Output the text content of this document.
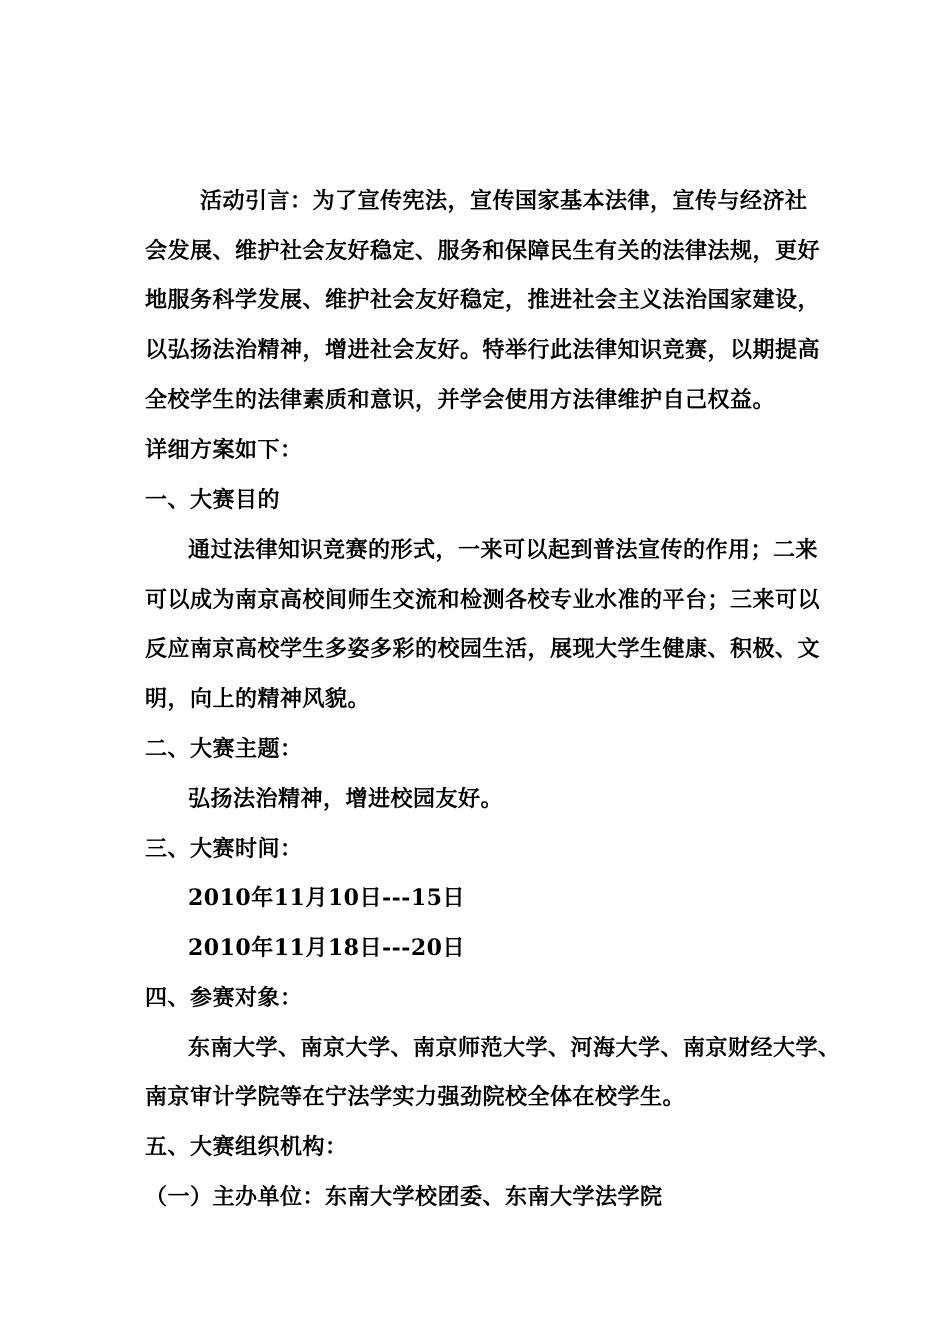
活动引言：为了宣传宪法，宣传国家基本法律，宣传与经济社
会发展、维护社会友好稳定、服务和保障民生有关的法律法规，更好
地服务科学发展、维护社会友好稳定，推进社会主义法治国家建设，
以弘扬法治精神，增进社会友好。特举行此法律知识竞赛，以期提高
全校学生的法律素质和意识，并学会使用方法律维护自己权益。
详细方案如下：
一、大赛目的
通过法律知识竞赛的形式，一来可以起到普法宣传的作用；二来
可以成为南京高校间师生交流和检测各校专业水准的平台；三来可以
反应南京高校学生多姿多彩的校园生活，展现大学生健康、积极、文
明，向上的精神风貌。
二、大赛主题：
弘扬法治精神，增进校园友好。
三、大赛时间：
2010年11月10日---15日
2010年11月18日---20日
四、参赛对象：
东南大学、南京大学、南京师范大学、河海大学、南京财经大学、
南京审计学院等在宁法学实力强劲院校全体在校学生。
五、大赛组织机构：
（一）主办单位：东南大学校团委、东南大学法学院
